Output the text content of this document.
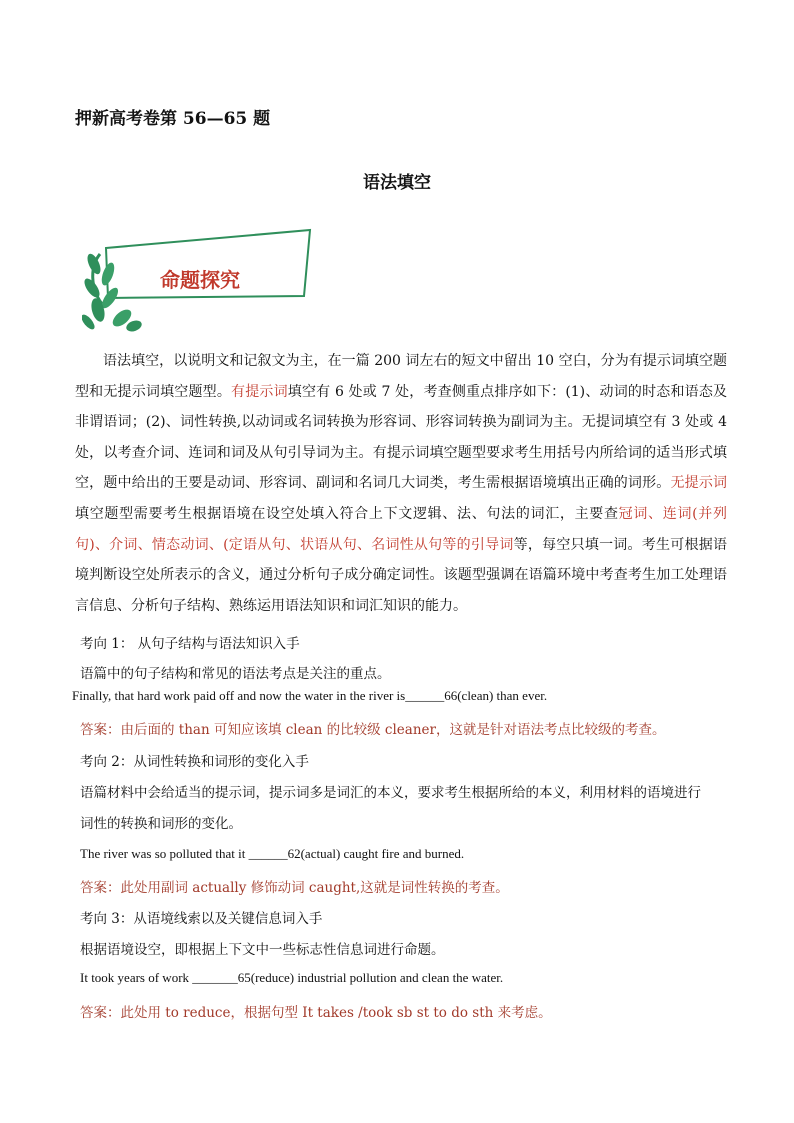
押新高考卷第 56—65 题
语法填空
命题探究
语法填空，以说明文和记叙文为主，在一篇 200 词左右的短文中留出 10 空白，分为有提示词填空题型和无提示词填空题型。有提示词填空有 6 处或 7 处，考查侧重点排序如下：(1)、动词的时态和语态及非谓语词；(2)、词性转换,以动词或名词转换为形容词、形容词转换为副词为主。无提词填空有 3 处或 4 处，以考查介词、连词和词及从句引导词为主。有提示词填空题型要求考生用括号内所给词的适当形式填空，题中给出的王要是动词、形容词、副词和名词几大词类，考生需根据语境填出正确的词形。无提示词填空题型需要考生根据语境在设空处填入符合上下文逻辑、法、句法的词汇，主要查冠词、连词(并列句)、介词、情态动词、(定语从句、状语从句、名词性从句等的引导词等，每空只填一词。考生可根据语境判断设空处所表示的含义，通过分析句子成分确定词性。该题型强调在语篇环境中考查考生加工处理语言信息、分析句子结构、熟练运用语法知识和词汇知识的能力。
考向 1： 从句子结构与语法知识入手
语篇中的句子结构和常见的语法考点是关注的重点。
Finally, that hard work paid off and now the water in the river is______66(clean) than ever.
答案：由后面的 than 可知应该填 clean 的比较级 cleaner，这就是针对语法考点比较级的考查。
考向 2：从词性转换和词形的变化入手
语篇材料中会给适当的提示词，提示词多是词汇的本义，要求考生根据所给的本义，利用材料的语境进行
词性的转换和词形的变化。
The river was so polluted that it ______62(actual) caught fire and burned.
答案：此处用副词 actually 修饰动词 caught,这就是词性转换的考查。
考向 3：从语境线索以及关键信息词入手
根据语境设空，即根据上下文中一些标志性信息词进行命题。
It took years of work _______65(reduce) industrial pollution and clean the water.
答案：此处用 to reduce，根据句型 It takes /took sb st to do sth 来考虑。
